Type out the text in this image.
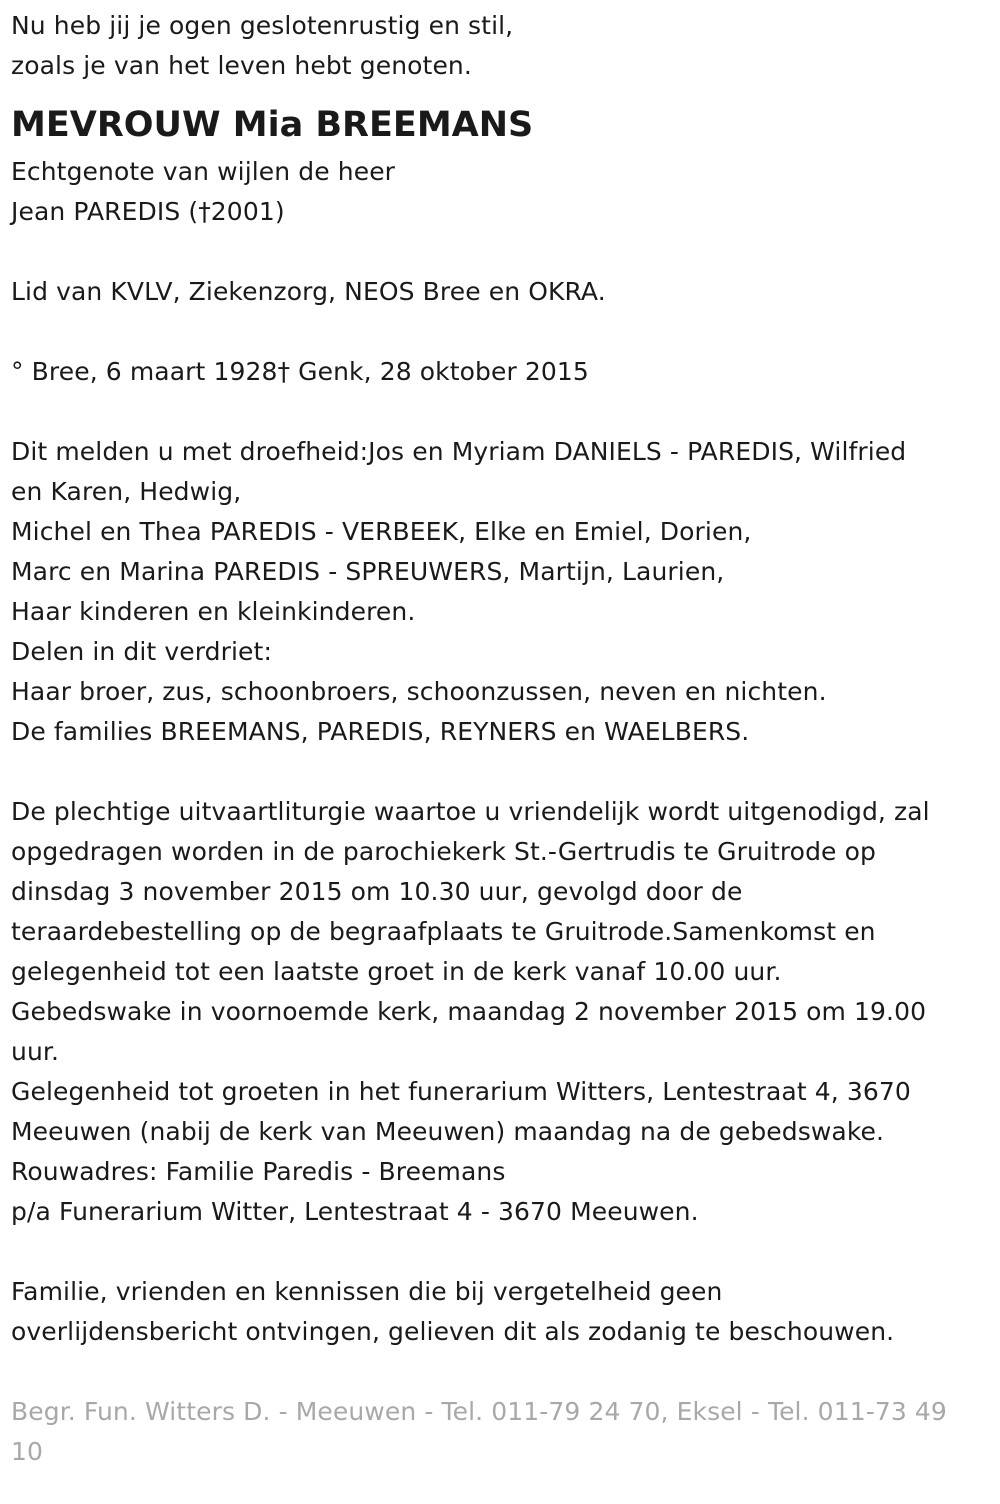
Nu heb jij je ogen geslotenrustig en stil,
zoals je van het leven hebt genoten.
MEVROUW Mia BREEMANS
Echtgenote van wijlen de heer
Jean PAREDIS (†2001)
Lid van KVLV, Ziekenzorg, NEOS Bree en OKRA.
° Bree, 6 maart 1928† Genk, 28 oktober 2015
Dit melden u met droefheid:Jos en Myriam DANIELS - PAREDIS, Wilfried
en Karen, Hedwig,
Michel en Thea PAREDIS - VERBEEK, Elke en Emiel, Dorien,
Marc en Marina PAREDIS - SPREUWERS, Martijn, Laurien,
Haar kinderen en kleinkinderen.
Delen in dit verdriet:
Haar broer, zus, schoonbroers, schoonzussen, neven en nichten.
De families BREEMANS, PAREDIS, REYNERS en WAELBERS.
De plechtige uitvaartliturgie waartoe u vriendelijk wordt uitgenodigd, zal
opgedragen worden in de parochiekerk St.-Gertrudis te Gruitrode op
dinsdag 3 november 2015 om 10.30 uur, gevolgd door de
teraardebestelling op de begraafplaats te Gruitrode.Samenkomst en
gelegenheid tot een laatste groet in de kerk vanaf 10.00 uur.
Gebedswake in voornoemde kerk, maandag 2 november 2015 om 19.00
uur.
Gelegenheid tot groeten in het funerarium Witters, Lentestraat 4, 3670
Meeuwen (nabij de kerk van Meeuwen) maandag na de gebedswake.
Rouwadres: Familie Paredis - Breemans
p/a Funerarium Witter, Lentestraat 4 - 3670 Meeuwen.
Familie, vrienden en kennissen die bij vergetelheid geen
overlijdensbericht ontvingen, gelieven dit als zodanig te beschouwen.
Begr. Fun. Witters D. - Meeuwen - Tel. 011-79 24 70, Eksel - Tel. 011-73 49
10
